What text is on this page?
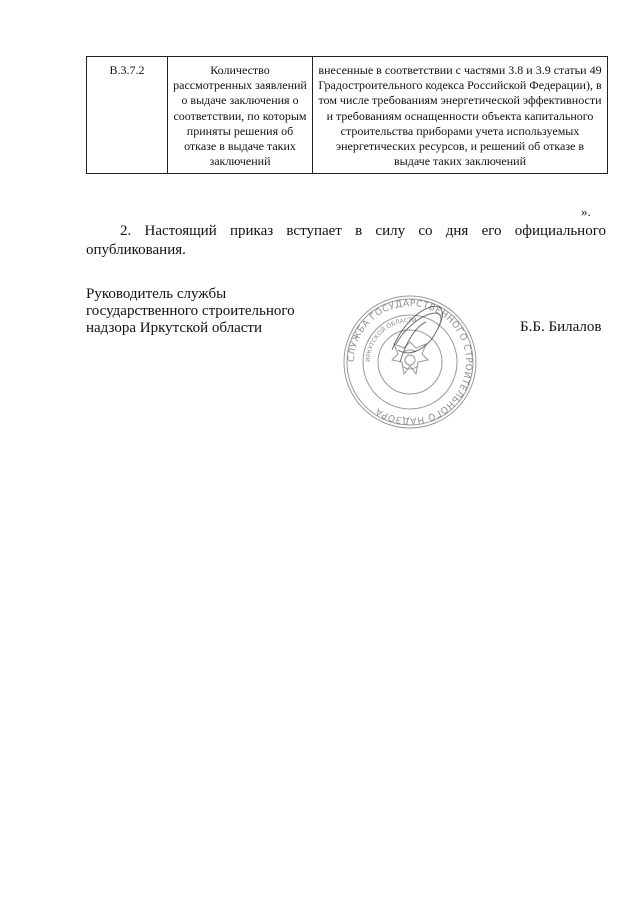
В.3.7.2	Количество рассмотренных заявлений о выдаче заключения о соответствии, по которым приняты решения об отказе в выдаче таких заключений	внесенные в соответствии с частями 3.8 и 3.9 статьи 49 Градостроительного кодекса Российской Федерации), в том числе требованиям энергетической эффективности и требованиям оснащенности объекта капитального строительства приборами учета используемых энергетических ресурсов, и решений об отказе в выдаче таких заключений
».
2. Настоящий приказ вступает в силу со дня его официального опубликования.
Руководитель службы
государственного строительного
надзора Иркутской области	Б.Б. Билалов
СЛУЖБА ГОСУДАРСТВЕННОГО СТРОИТЕЛЬНОГО НАДЗОРА
ИРКУТСКОЙ ОБЛАСТИ
